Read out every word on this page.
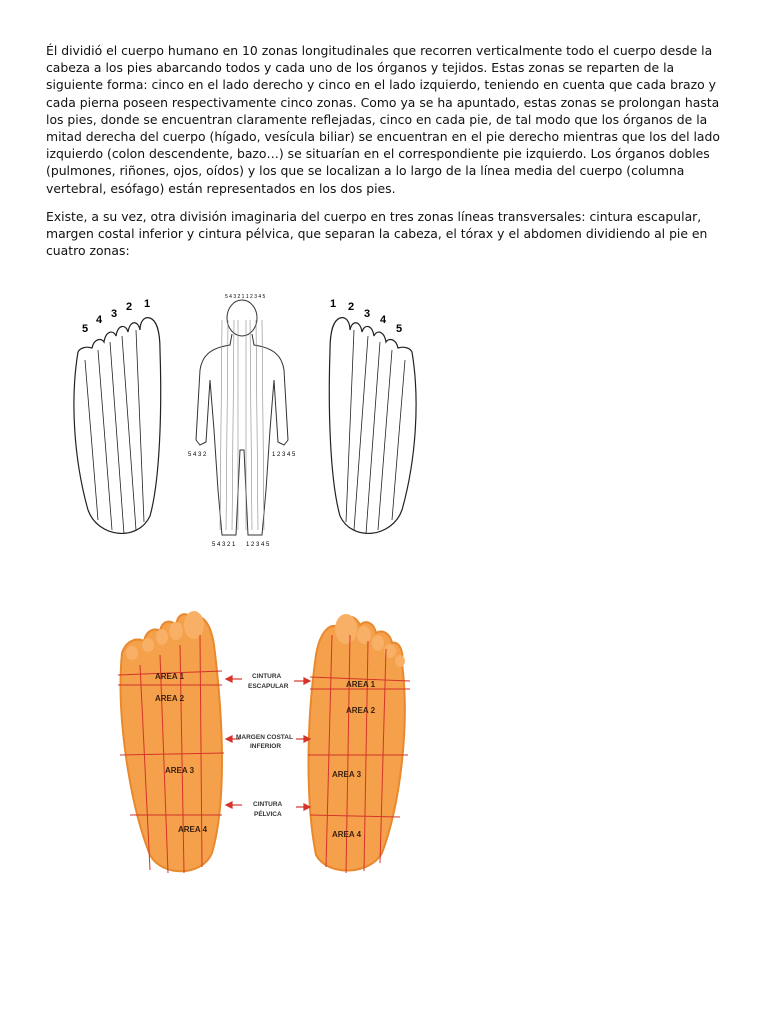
Él dividió el cuerpo humano en 10 zonas longitudinales que recorren verticalmente todo el cuerpo desde la cabeza a los pies abarcando todos y cada uno de los órganos y tejidos. Estas zonas se reparten de la siguiente forma: cinco en el lado derecho y cinco en el lado izquierdo, teniendo en cuenta que cada brazo y cada pierna poseen respectivamente cinco zonas. Como ya se ha apuntado, estas zonas se prolongan hasta los pies, donde se encuentran claramente reflejadas, cinco en cada pie, de tal modo que los órganos de la mitad derecha del cuerpo (hígado, vesícula biliar) se encuentran en el pie derecho mientras que los del lado izquierdo (colon descendente, bazo…) se situarían en el correspondiente pie izquierdo. Los órganos dobles (pulmones, riñones, ojos, oídos) y los que se localizan a lo largo de la línea media del cuerpo (columna vertebral, esófago) están representados en los dos pies.

Existe, a su vez, otra división imaginaria del cuerpo en tres zonas líneas transversales: cintura escapular, margen costal inferior y cintura pélvica, que separan la cabeza, el tórax y el abdomen dividiendo al pie en cuatro zonas:

5
4 3
2 1
5 4 3 2 1 1 2 3 4 5
5 4 3 2	1 2 3 4 5
5 4 3 2 1 1 2 3 4 5
1 2
3 4
5
AREA 1
AREA 2
AREA 3
AREA 4
AREA 1
AREA 2
AREA 3
AREA 4
CINTURA
ESCAPULAR
MARGEN COSTAL
INFERIOR
CINTURA
PÉLVICA
